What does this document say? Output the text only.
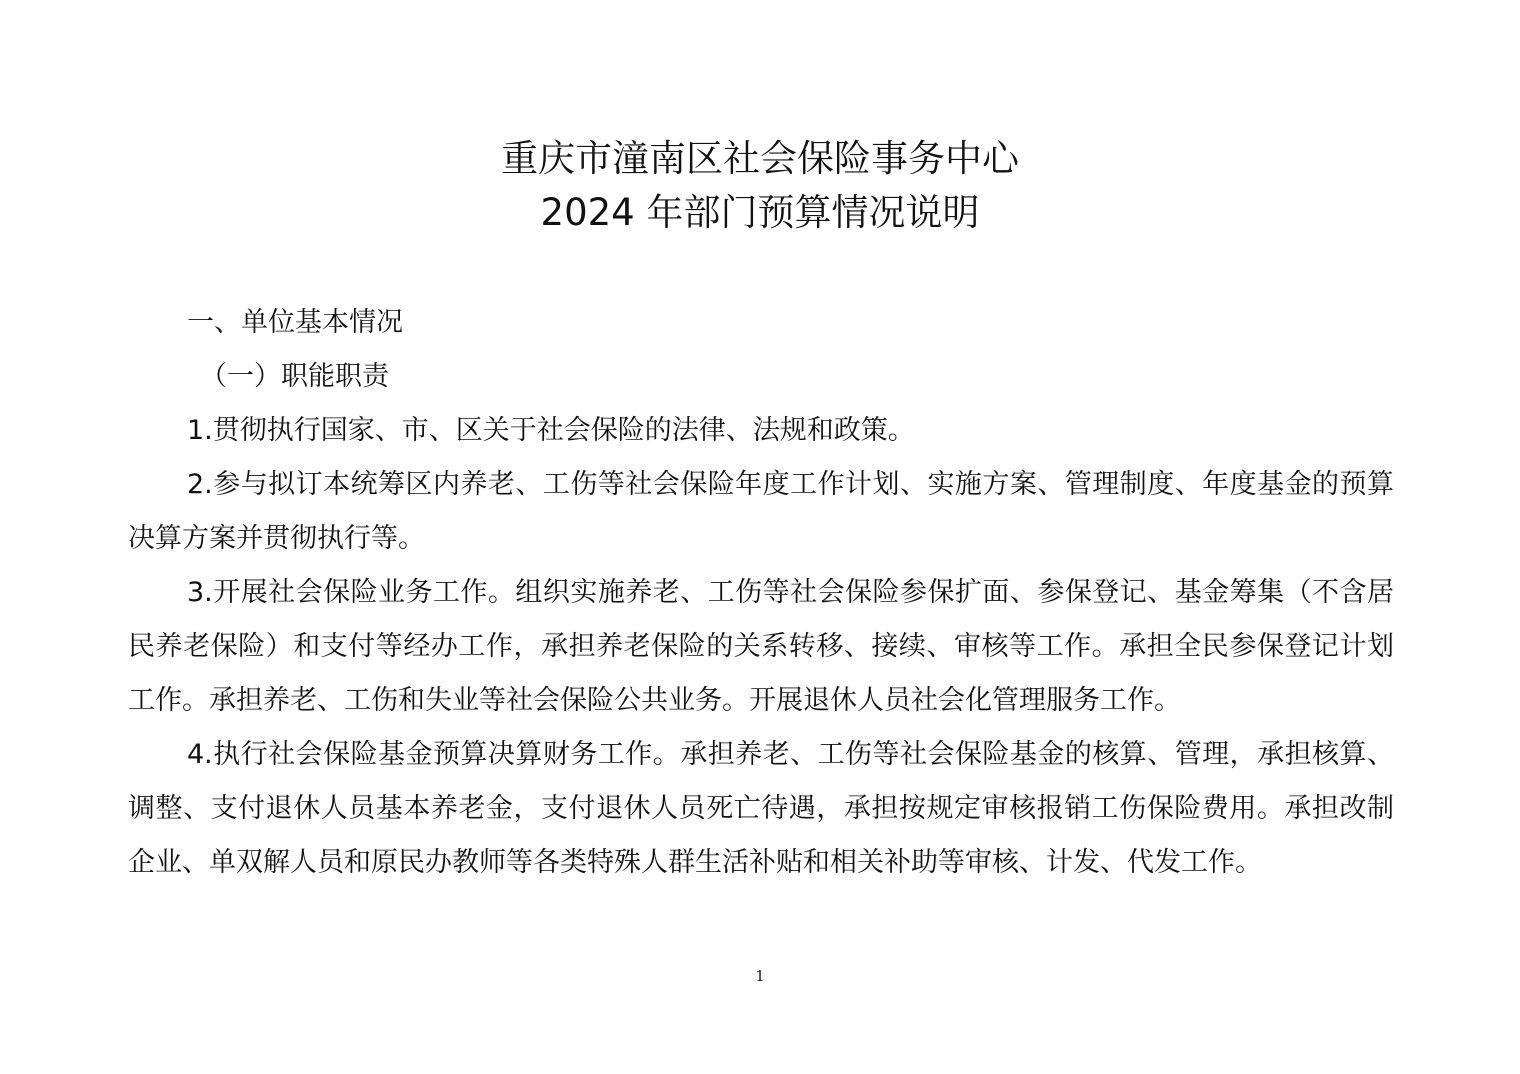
重庆市潼南区社会保险事务中心
2024 年部门预算情况说明

一、单位基本情况

（一）职能职责

1.贯彻执行国家、市、区关于社会保险的法律、法规和政策。

2.参与拟订本统筹区内养老、工伤等社会保险年度工作计划、实施方案、管理制度、年度基金的预算决算方案并贯彻执行等。

3.开展社会保险业务工作。组织实施养老、工伤等社会保险参保扩面、参保登记、基金筹集（不含居民养老保险）和支付等经办工作，承担养老保险的关系转移、接续、审核等工作。承担全民参保登记计划工作。承担养老、工伤和失业等社会保险公共业务。开展退休人员社会化管理服务工作。

4.执行社会保险基金预算决算财务工作。承担养老、工伤等社会保险基金的核算、管理，承担核算、调整、支付退休人员基本养老金，支付退休人员死亡待遇，承担按规定审核报销工伤保险费用。承担改制企业、单双解人员和原民办教师等各类特殊人群生活补贴和相关补助等审核、计发、代发工作。

1
